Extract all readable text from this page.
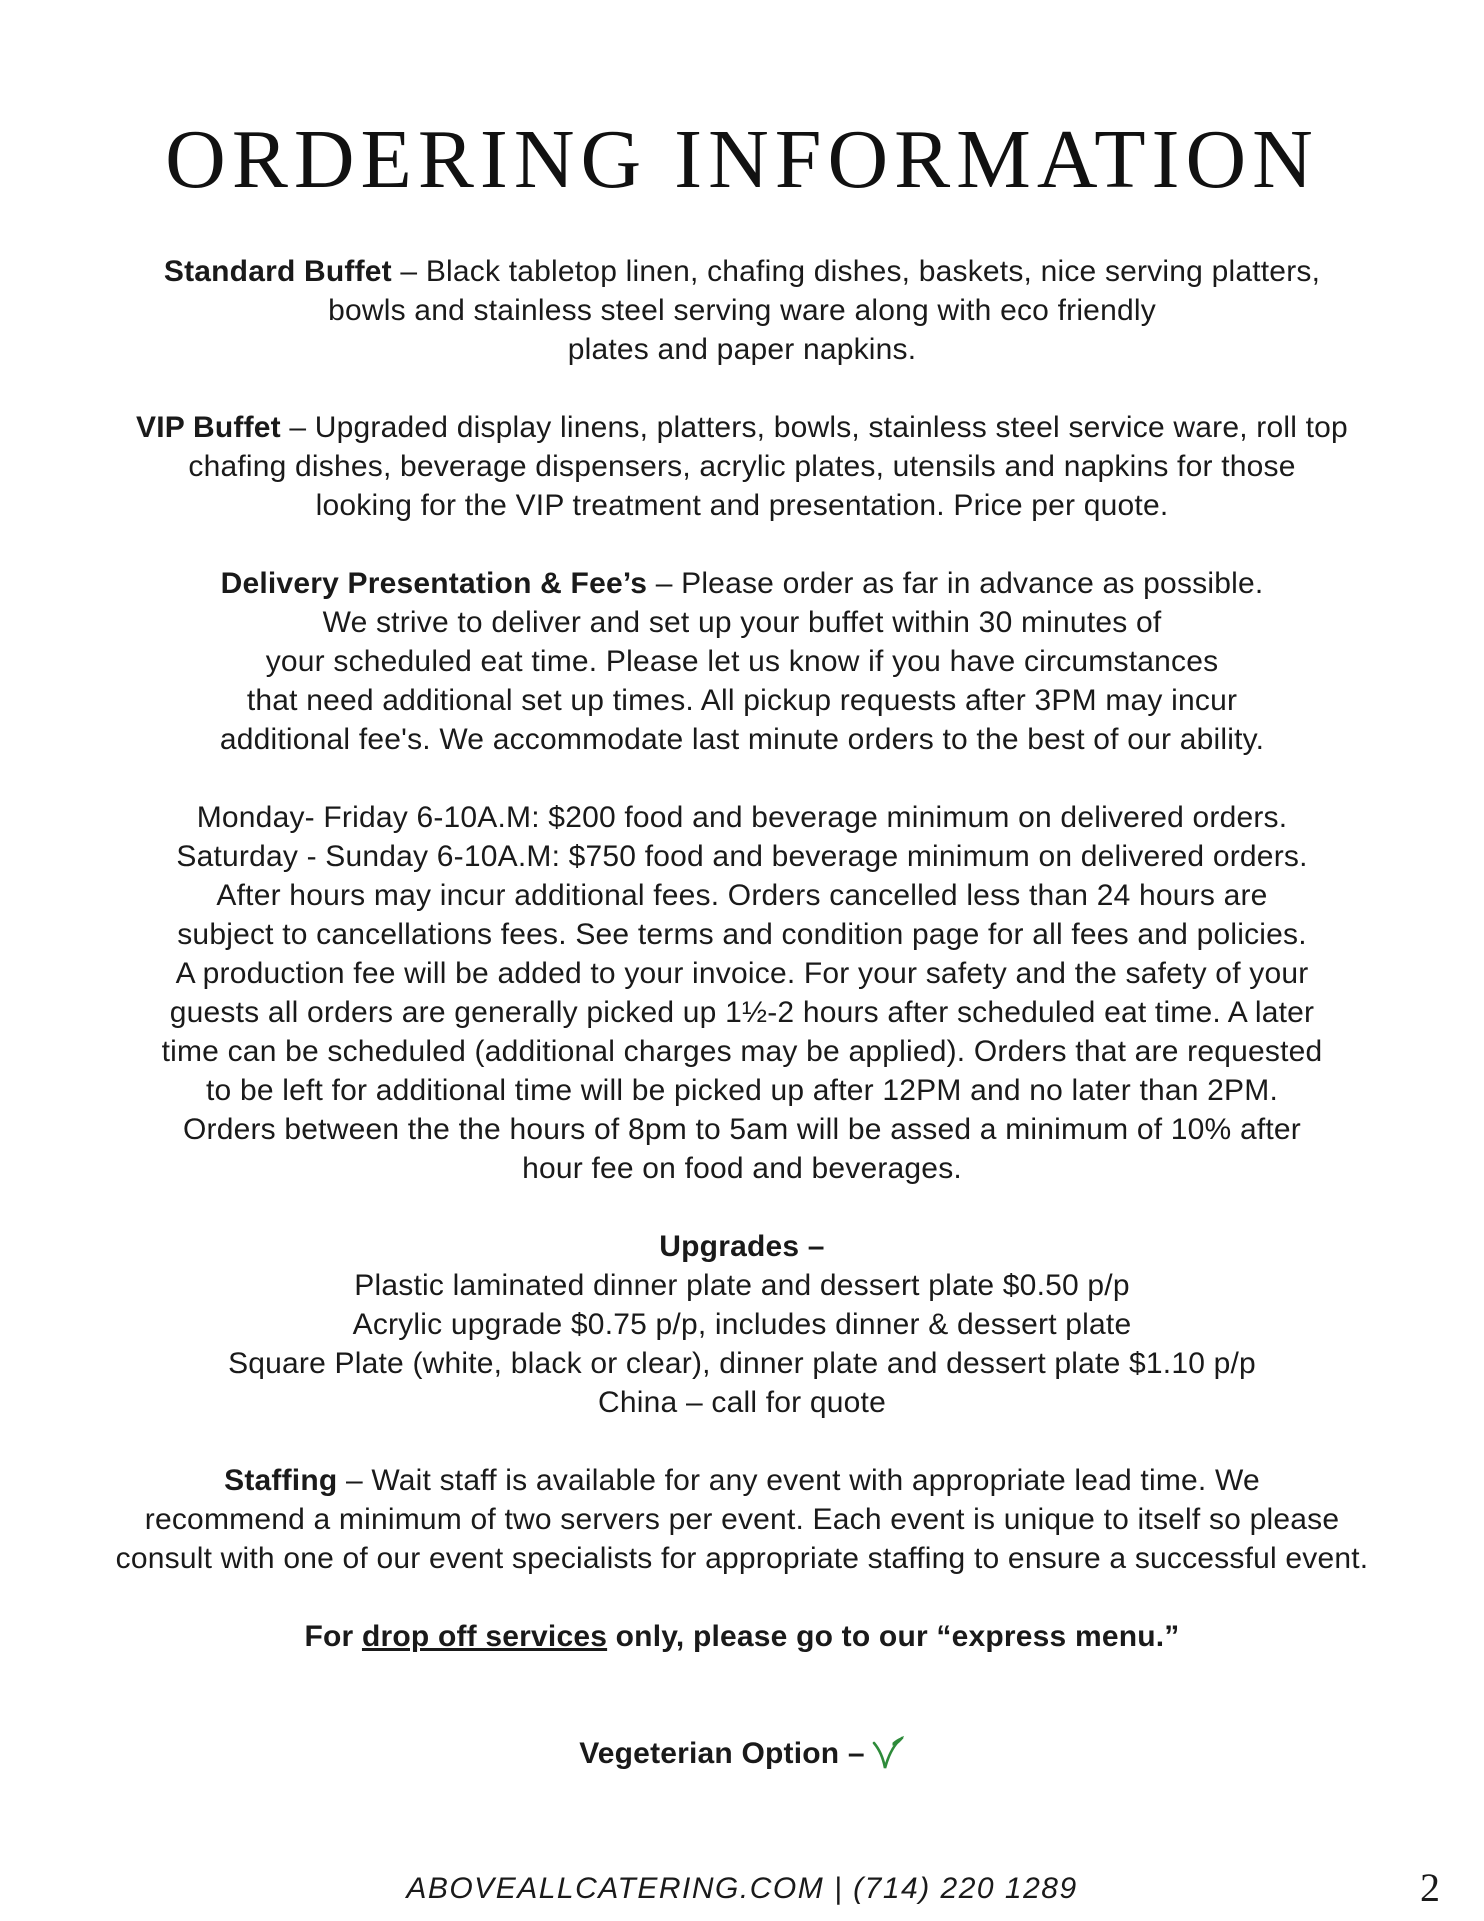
ORDERING INFORMATION
Standard Buffet – Black tabletop linen, chafing dishes, baskets, nice serving platters,
bowls and stainless steel serving ware along with eco friendly
plates and paper napkins.
VIP Buffet – Upgraded display linens, platters, bowls, stainless steel service ware, roll top
chafing dishes, beverage dispensers, acrylic plates, utensils and napkins for those
looking for the VIP treatment and presentation. Price per quote.
Delivery Presentation & Fee’s – Please order as far in advance as possible.
We strive to deliver and set up your buffet within 30 minutes of
your scheduled eat time. Please let us know if you have circumstances
that need additional set up times. All pickup requests after 3PM may incur
additional fee's. We accommodate last minute orders to the best of our ability.
Monday- Friday 6-10A.M: $200 food and beverage minimum on delivered orders.
Saturday - Sunday 6-10A.M: $750 food and beverage minimum on delivered orders.
After hours may incur additional fees. Orders cancelled less than 24 hours are
subject to cancellations fees. See terms and condition page for all fees and policies.
A production fee will be added to your invoice. For your safety and the safety of your
guests all orders are generally picked up 1½-2 hours after scheduled eat time. A later
time can be scheduled (additional charges may be applied). Orders that are requested
to be left for additional time will be picked up after 12PM and no later than 2PM.
Orders between the the hours of 8pm to 5am will be assed a minimum of 10% after
hour fee on food and beverages.
Upgrades –
Plastic laminated dinner plate and dessert plate $0.50 p/p
Acrylic upgrade $0.75 p/p, includes dinner & dessert plate
Square Plate (white, black or clear), dinner plate and dessert plate $1.10 p/p
China – call for quote
Staffing – Wait staff is available for any event with appropriate lead time. We
recommend a minimum of two servers per event. Each event is unique to itself so please
consult with one of our event specialists for appropriate staffing to ensure a successful event.
For drop off services only, please go to our “express menu.”
Vegeterian Option –
ABOVEALLCATERING.COM | (714) 220 1289	2
